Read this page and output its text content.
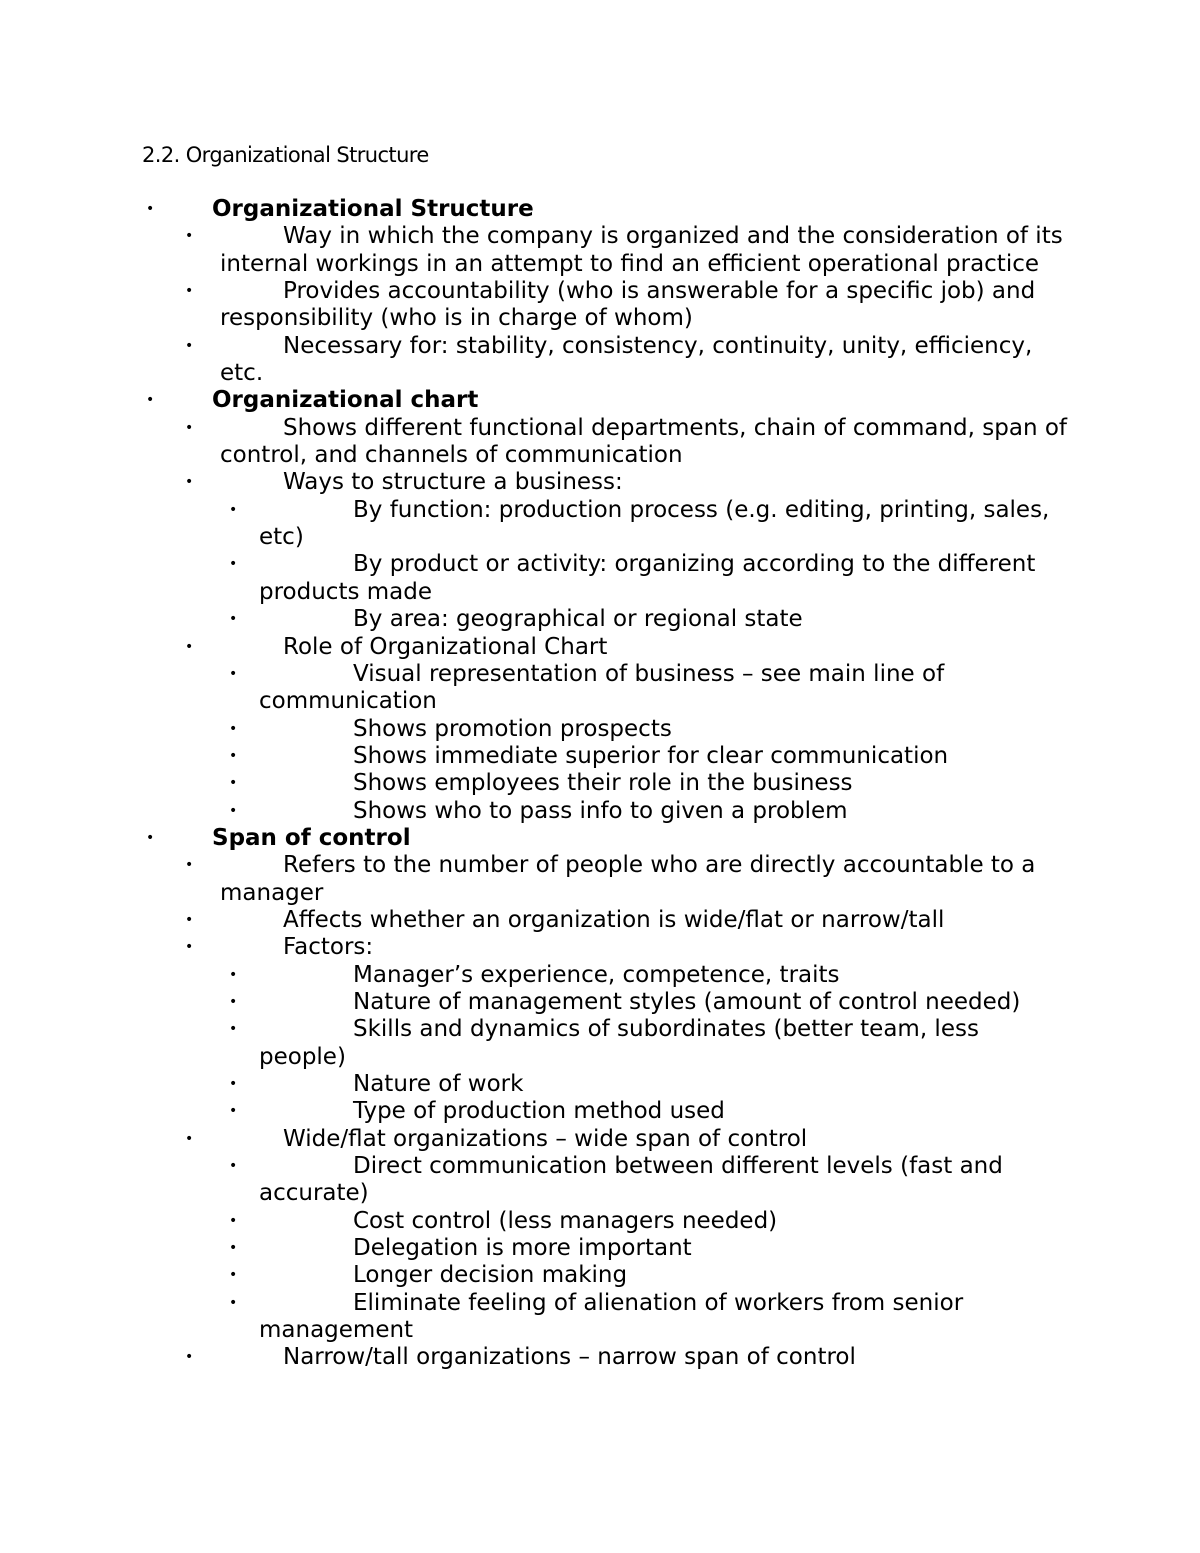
2.2. Organizational Structure
•	Organizational Structure
•	Way in which the company is organized and the consideration of its internal workings in an attempt to find an efficient operational practice
•	Provides accountability (who is answerable for a specific job) and responsibility (who is in charge of whom)
•	Necessary for: stability, consistency, continuity, unity, efficiency, etc.
•	Organizational chart
•	Shows different functional departments, chain of command, span of control, and channels of communication
•	Ways to structure a business:
•	By function: production process (e.g. editing, printing, sales, etc)
•	By product or activity: organizing according to the different products made
•	By area: geographical or regional state
•	Role of Organizational Chart
•	Visual representation of business – see main line of communication
•	Shows promotion prospects
•	Shows immediate superior for clear communication
•	Shows employees their role in the business
•	Shows who to pass info to given a problem
•	Span of control
•	Refers to the number of people who are directly accountable to a manager
•	Affects whether an organization is wide/flat or narrow/tall
•	Factors:
•	Manager’s experience, competence, traits
•	Nature of management styles (amount of control needed)
•	Skills and dynamics of subordinates (better team, less people)
•	Nature of work
•	Type of production method used
•	Wide/flat organizations – wide span of control
•	Direct communication between different levels (fast and accurate)
•	Cost control (less managers needed)
•	Delegation is more important
•	Longer decision making
•	Eliminate feeling of alienation of workers from senior management
•	Narrow/tall organizations – narrow span of control
